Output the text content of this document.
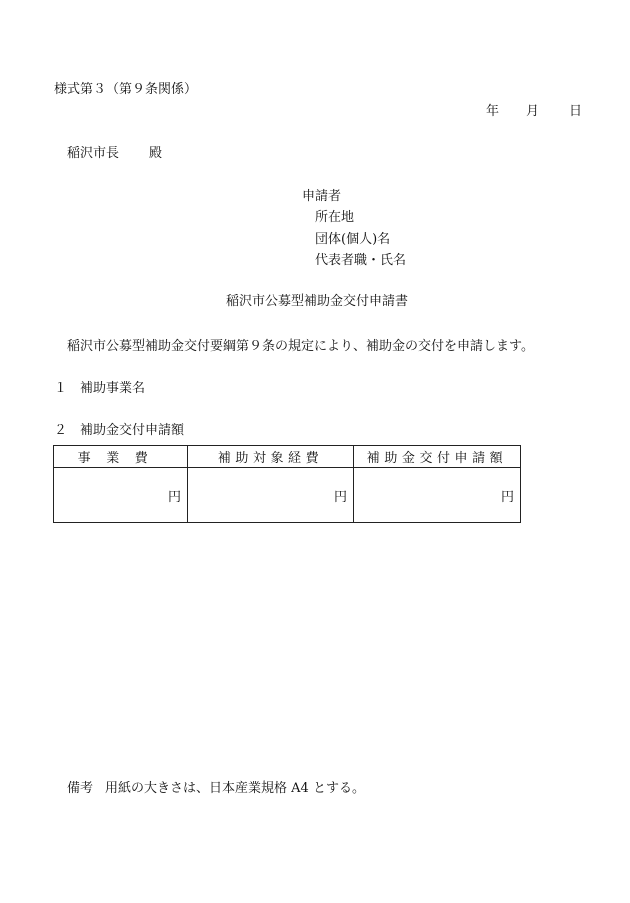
様式第３（第９条関係）
年 月 日
稲沢市長 殿
申請者
所在地
団体(個人)名
代表者職・氏名
稲沢市公募型補助金交付申請書
稲沢市公募型補助金交付要綱第９条の規定により、補助金の交付を申請します。
１ 補助事業名
２ 補助金交付申請額
事業費	補助対象経費	補助金交付申請額
円	円	円
備考 用紙の大きさは、日本産業規格 A4 とする。
